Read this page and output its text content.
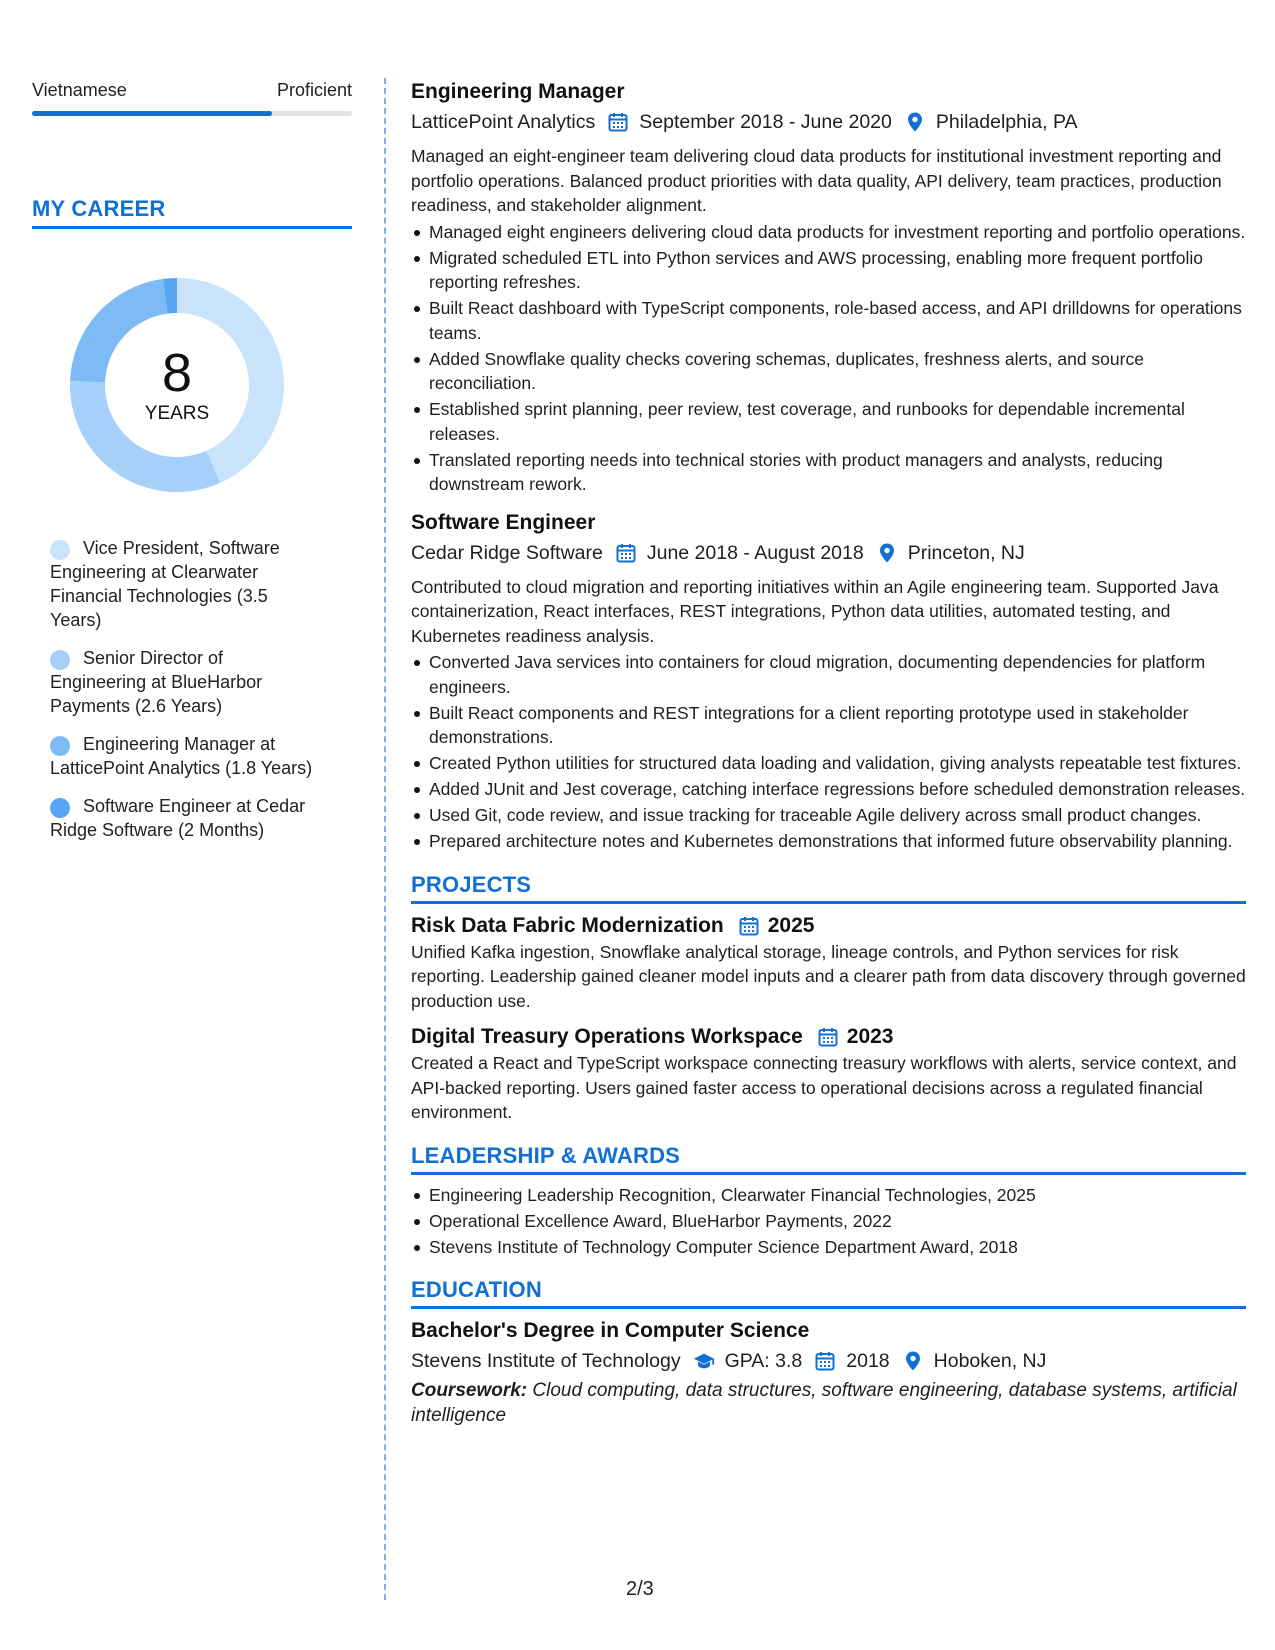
Vietnamese	Proficient
MY CAREER
8
YEARS
Vice President, Software Engineering at Clearwater Financial Technologies (3.5 Years)
Senior Director of Engineering at BlueHarbor Payments (2.6 Years)
Engineering Manager at LatticePoint Analytics (1.8 Years)
Software Engineer at Cedar Ridge Software (2 Months)
Engineering Manager
LatticePoint Analytics September 2018 - June 2020 Philadelphia, PA
Managed an eight-engineer team delivering cloud data products for institutional investment reporting and portfolio operations. Balanced product priorities with data quality, API delivery, team practices, production readiness, and stakeholder alignment.
Managed eight engineers delivering cloud data products for investment reporting and portfolio operations.
Migrated scheduled ETL into Python services and AWS processing, enabling more frequent portfolio reporting refreshes.
Built React dashboard with TypeScript components, role-based access, and API drilldowns for operations teams.
Added Snowflake quality checks covering schemas, duplicates, freshness alerts, and source reconciliation.
Established sprint planning, peer review, test coverage, and runbooks for dependable incremental releases.
Translated reporting needs into technical stories with product managers and analysts, reducing downstream rework.
Software Engineer
Cedar Ridge Software June 2018 - August 2018 Princeton, NJ
Contributed to cloud migration and reporting initiatives within an Agile engineering team. Supported Java containerization, React interfaces, REST integrations, Python data utilities, automated testing, and Kubernetes readiness analysis.
Converted Java services into containers for cloud migration, documenting dependencies for platform engineers.
Built React components and REST integrations for a client reporting prototype used in stakeholder demonstrations.
Created Python utilities for structured data loading and validation, giving analysts repeatable test fixtures.
Added JUnit and Jest coverage, catching interface regressions before scheduled demonstration releases.
Used Git, code review, and issue tracking for traceable Agile delivery across small product changes.
Prepared architecture notes and Kubernetes demonstrations that informed future observability planning.
PROJECTS
Risk Data Fabric Modernization 2025
Unified Kafka ingestion, Snowflake analytical storage, lineage controls, and Python services for risk reporting. Leadership gained cleaner model inputs and a clearer path from data discovery through governed production use.
Digital Treasury Operations Workspace 2023
Created a React and TypeScript workspace connecting treasury workflows with alerts, service context, and API-backed reporting. Users gained faster access to operational decisions across a regulated financial environment.
LEADERSHIP & AWARDS
Engineering Leadership Recognition, Clearwater Financial Technologies, 2025
Operational Excellence Award, BlueHarbor Payments, 2022
Stevens Institute of Technology Computer Science Department Award, 2018
EDUCATION
Bachelor's Degree in Computer Science
Stevens Institute of Technology GPA: 3.8 2018 Hoboken, NJ
Coursework: Cloud computing, data structures, software engineering, database systems, artificial intelligence
2/3
